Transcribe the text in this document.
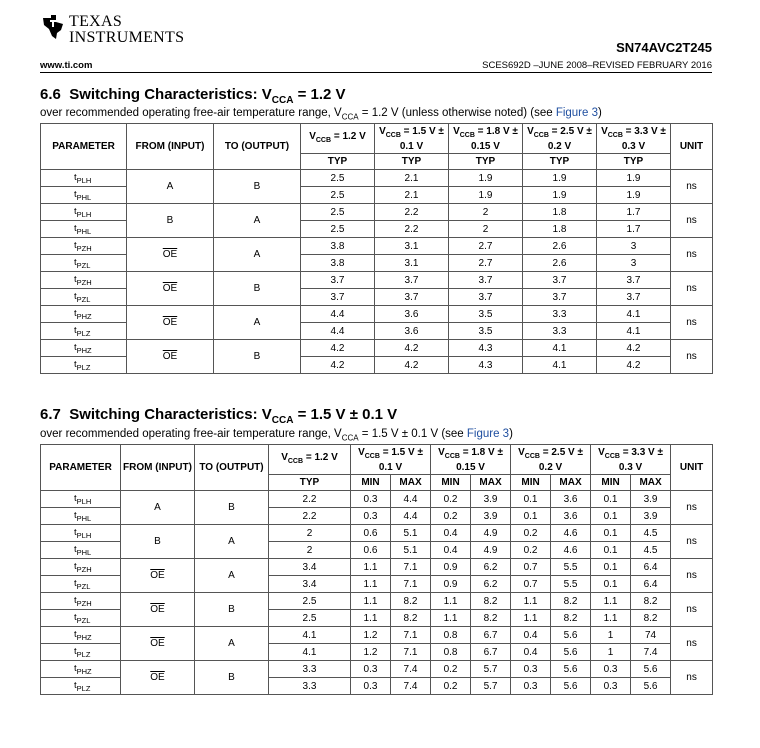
TEXAS
INSTRUMENTS
SN74AVC2T245
www.ti.com	SCES692D –JUNE 2008–REVISED FEBRUARY 2016
6.6 Switching Characteristics: $V_{CCA} = 1.2$ V
over recommended operating free-air temperature range, $V_{CCA} = 1.2$ V (unless otherwise noted) (see Figure 3)
PARAMETER	FROM (INPUT)	TO (OUTPUT)	$V_{CCB} = 1.2$ V	$V_{CCB} = 1.5$ V ± 0.1 V	$V_{CCB} = 1.8$ V ± 0.15 V	$V_{CCB} = 2.5$ V ± 0.2 V	$V_{CCB} = 3.3$ V ± 0.3 V	UNIT
			TYP	TYP	TYP	TYP	TYP	
$t_{PLH}$	A	B	2.5	2.1	1.9	1.9	1.9	ns
$t_{PHL}$			2.5	2.1	1.9	1.9	1.9	
$t_{PLH}$	B	A	2.5	2.2	2	1.8	1.7	ns
$t_{PHL}$			2.5	2.2	2	1.8	1.7	
$t_{PZH}$	$\overline{OE}$	A	3.8	3.1	2.7	2.6	3	ns
$t_{PZL}$			3.8	3.1	2.7	2.6	3	
$t_{PZH}$	$\overline{OE}$	B	3.7	3.7	3.7	3.7	3.7	ns
$t_{PZL}$			3.7	3.7	3.7	3.7	3.7	
$t_{PHZ}$	$\overline{OE}$	A	4.4	3.6	3.5	3.3	4.1	ns
$t_{PLZ}$			4.4	3.6	3.5	3.3	4.1	
$t_{PHZ}$	$\overline{OE}$	B	4.2	4.2	4.3	4.1	4.2	ns
$t_{PLZ}$			4.2	4.2	4.3	4.1	4.2	
6.7 Switching Characteristics: $V_{CCA} = 1.5$ V ± 0.1 V
over recommended operating free-air temperature range, $V_{CCA} = 1.5$ V ± 0.1 V (see Figure 3)
PARAMETER	FROM (INPUT)	TO (OUTPUT)	$V_{CCB} = 1.2$ V	$V_{CCB} = 1.5$ V ± 0.1 V		$V_{CCB} = 1.8$ V ± 0.15 V		$V_{CCB} = 2.5$ V ± 0.2 V		$V_{CCB} = 3.3$ V ± 0.3 V		UNIT
			TYP	MIN	MAX	MIN	MAX	MIN	MAX	MIN	MAX	
$t_{PLH}$	A	B	2.2	0.3	4.4	0.2	3.9	0.1	3.6	0.1	3.9	ns
$t_{PHL}$			2.2	0.3	4.4	0.2	3.9	0.1	3.6	0.1	3.9	
$t_{PLH}$	B	A	2	0.6	5.1	0.4	4.9	0.2	4.6	0.1	4.5	ns
$t_{PHL}$			2	0.6	5.1	0.4	4.9	0.2	4.6	0.1	4.5	
$t_{PZH}$	$\overline{OE}$	A	3.4	1.1	7.1	0.9	6.2	0.7	5.5	0.1	6.4	ns
$t_{PZL}$			3.4	1.1	7.1	0.9	6.2	0.7	5.5	0.1	6.4	
$t_{PZH}$	$\overline{OE}$	B	2.5	1.1	8.2	1.1	8.2	1.1	8.2	1.1	8.2	ns
$t_{PZL}$			2.5	1.1	8.2	1.1	8.2	1.1	8.2	1.1	8.2	
$t_{PHZ}$	$\overline{OE}$	A	4.1	1.2	7.1	0.8	6.7	0.4	5.6	1	74	ns
$t_{PLZ}$			4.1	1.2	7.1	0.8	6.7	0.4	5.6	1	7.4	
$t_{PHZ}$	$\overline{OE}$	B	3.3	0.3	7.4	0.2	5.7	0.3	5.6	0.3	5.6	ns
$t_{PLZ}$			3.3	0.3	7.4	0.2	5.7	0.3	5.6	0.3	5.6	
